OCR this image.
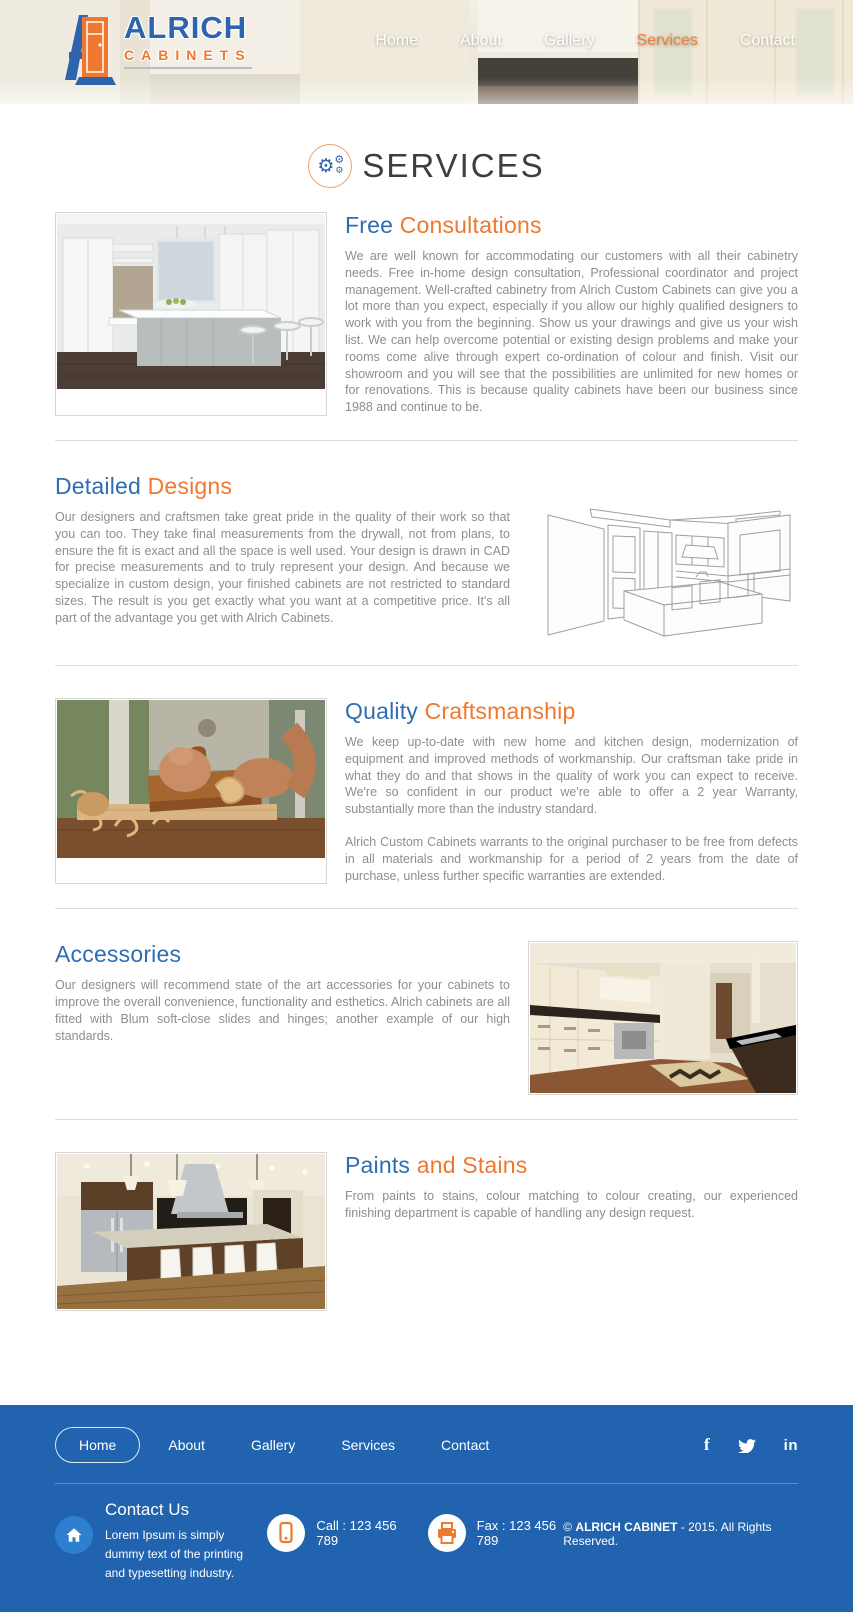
ALRICH
CABINETS
Home	About	Gallery	Services	Contact
⚙ ⚙
⚙ SERVICES
Free Consultations

We are well known for accommodating our customers with all their cabinetry needs. Free in-home design consultation, Professional coordinator and project management. Well-crafted cabinetry from Alrich Custom Cabinets can give you a lot more than you expect, especially if you allow our highly qualified designers to work with you from the beginning. Show us your drawings and give us your wish list. We can help overcome potential or existing design problems and make your rooms come alive through expert co-ordination of colour and finish. Visit our showroom and you will see that the possibilities are unlimited for new homes or for renovations. This is because quality cabinets have been our business since 1988 and continue to be.

Detailed Designs

Our designers and craftsmen take great pride in the quality of their work so that you can too. They take final measurements from the drywall, not from plans, to ensure the fit is exact and all the space is well used. Your design is drawn in CAD for precise measurements and to truly represent your design. And because we specialize in custom design, your finished cabinets are not restricted to standard sizes. The result is you get exactly what you want at a competitive price. It's all part of the advantage you get with Alrich Cabinets.

Quality Craftsmanship

We keep up-to-date with new home and kitchen design, modernization of equipment and improved methods of workmanship. Our craftsman take pride in what they do and that shows in the quality of work you can expect to receive. We're so confident in our product we're able to offer a 2 year Warranty, substantially more than the industry standard.

Alrich Custom Cabinets warrants to the original purchaser to be free from defects in all materials and workmanship for a period of 2 years from the date of purchase, unless further specific warranties are extended.

Accessories

Our designers will recommend state of the art accessories for your cabinets to improve the overall convenience, functionality and esthetics. Alrich cabinets are all fitted with Blum soft-close slides and hinges; another example of our high standards.

Paints and Stains

From paints to stains, colour matching to colour creating, our experienced finishing department is capable of handling any design request.

Home	About	Gallery	Services	Contact	f	in
Contact Us

Lorem Ipsum is simply dummy text of the printing and typesetting industry.

Call : 123 456 789
Fax : 123 456 789
© ALRICH CABINET - 2015. All Rights Reserved.
